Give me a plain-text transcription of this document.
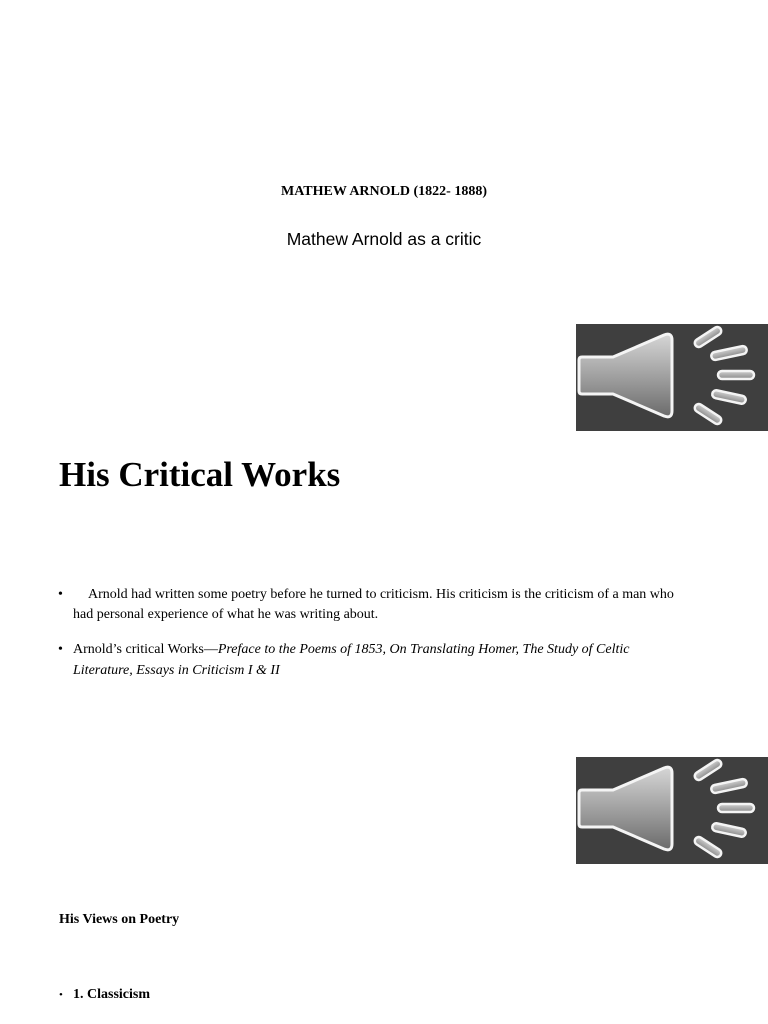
MATHEW ARNOLD (1822- 1888)
Mathew Arnold as a critic
His Critical Works
• Arnold had written some poetry before he turned to criticism. His criticism is the criticism of a man who
had personal experience of what he was writing about.
• Arnold’s critical Works—Preface to the Poems of 1853, On Translating Homer, The Study of Celtic
Literature, Essays in Criticism I & II
His Views on Poetry
• 1. Classicism
